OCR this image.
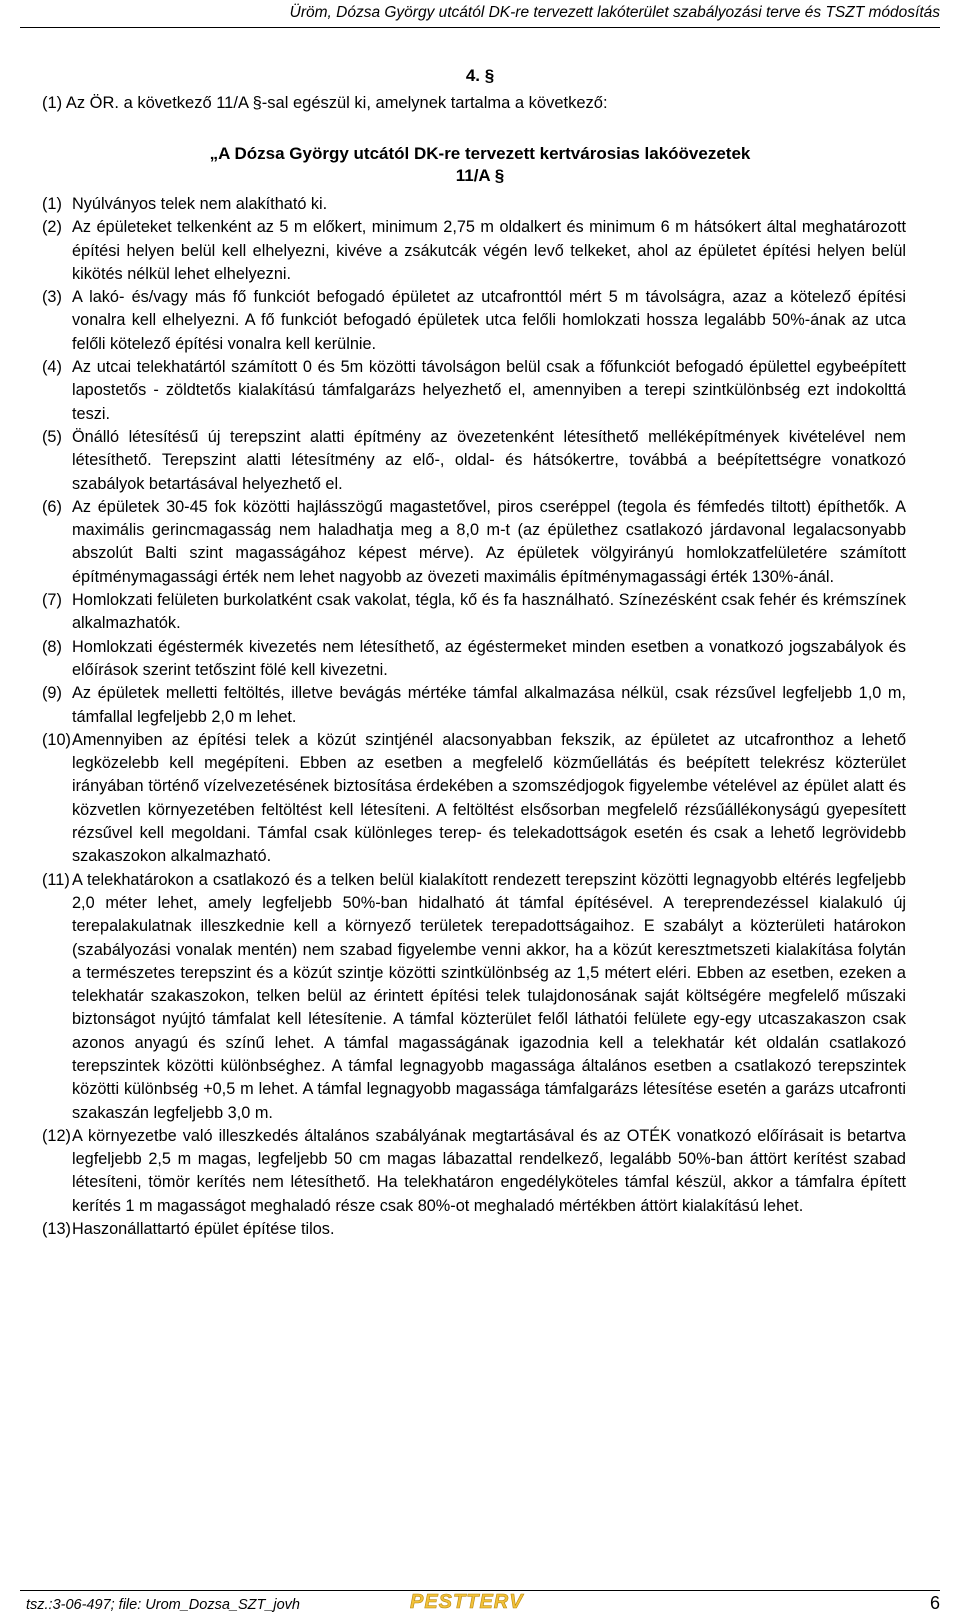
Üröm, Dózsa György utcától DK-re tervezett lakóterület szabályozási terve és TSZT módosítás
4. §
(1) Az ÖR. a következő 11/A §-sal egészül ki, amelynek tartalma a következő:
„A Dózsa György utcától DK-re tervezett kertvárosias lakóövezetek
11/A §
(1) Nyúlványos telek nem alakítható ki.
(2) Az épületeket telkenként az 5 m előkert, minimum 2,75 m oldalkert és minimum 6 m hátsókert által meghatározott építési helyen belül kell elhelyezni, kivéve a zsákutcák végén levő telkeket, ahol az épületet építési helyen belül kikötés nélkül lehet elhelyezni.
(3) A lakó- és/vagy más fő funkciót befogadó épületet az utcafronttól mért 5 m távolságra, azaz a kötelező építési vonalra kell elhelyezni. A fő funkciót befogadó épületek utca felőli homlokzati hossza legalább 50%-ának az utca felőli kötelező építési vonalra kell kerülnie.
(4) Az utcai telekhatártól számított 0 és 5m közötti távolságon belül csak a főfunkciót befogadó épülettel egybeépített lapostetős - zöldtetős kialakítású támfalgarázs helyezhető el, amennyiben a terepi szintkülönbség ezt indokolttá teszi.
(5) Önálló létesítésű új terepszint alatti építmény az övezetenként létesíthető melléképítmények kivételével nem létesíthető. Terepszint alatti létesítmény az elő-, oldal- és hátsókertre, továbbá a beépítettségre vonatkozó szabályok betartásával helyezhető el.
(6) Az épületek 30-45 fok közötti hajlásszögű magastetővel, piros cseréppel (tegola és fémfedés tiltott) építhetők. A maximális gerincmagasság nem haladhatja meg a 8,0 m-t (az épülethez csatlakozó járdavonal legalacsonyabb abszolút Balti szint magasságához képest mérve). Az épületek völgyirányú homlokzatfelületére számított építménymagassági érték nem lehet nagyobb az övezeti maximális építménymagassági érték 130%-ánál.
(7) Homlokzati felületen burkolatként csak vakolat, tégla, kő és fa használható. Színezésként csak fehér és krémszínek alkalmazhatók.
(8) Homlokzati égéstermék kivezetés nem létesíthető, az égéstermeket minden esetben a vonatkozó jogszabályok és előírások szerint tetőszint fölé kell kivezetni.
(9) Az épületek melletti feltöltés, illetve bevágás mértéke támfal alkalmazása nélkül, csak rézsűvel legfeljebb 1,0 m, támfallal legfeljebb 2,0 m lehet.
(10) Amennyiben az építési telek a közút szintjénél alacsonyabban fekszik, az épületet az utcafronthoz a lehető legközelebb kell megépíteni. Ebben az esetben a megfelelő közműellátás és beépített telekrész közterület irányában történő vízelvezetésének biztosítása érdekében a szomszédjogok figyelembe vételével az épület alatt és közvetlen környezetében feltöltést kell létesíteni. A feltöltést elsősorban megfelelő rézsűállékonyságú gyepesített rézsűvel kell megoldani. Támfal csak különleges terep- és telekadottságok esetén és csak a lehető legrövidebb szakaszokon alkalmazható.
(11) A telekhatárokon a csatlakozó és a telken belül kialakított rendezett terepszint közötti legnagyobb eltérés legfeljebb 2,0 méter lehet, amely legfeljebb 50%-ban hidalható át támfal építésével. A tereprendezéssel kialakuló új terepalakulatnak illeszkednie kell a környező területek terepadottságaihoz. E szabályt a közterületi határokon (szabályozási vonalak mentén) nem szabad figyelembe venni akkor, ha a közút keresztmetszeti kialakítása folytán a természetes terepszint és a közút szintje közötti szintkülönbség az 1,5 métert eléri. Ebben az esetben, ezeken a telekhatár szakaszokon, telken belül az érintett építési telek tulajdonosának saját költségére megfelelő műszaki biztonságot nyújtó támfalat kell létesítenie. A támfal közterület felől láthatói felülete egy-egy utcaszakaszon csak azonos anyagú és színű lehet. A támfal magasságának igazodnia kell a telekhatár két oldalán csatlakozó terepszintek közötti különbséghez. A támfal legnagyobb magassága általános esetben a csatlakozó terepszintek közötti különbség +0,5 m lehet. A támfal legnagyobb magassága támfalgarázs létesítése esetén a garázs utcafronti szakaszán legfeljebb 3,0 m.
(12) A környezetbe való illeszkedés általános szabályának megtartásával és az OTÉK vonatkozó előírásait is betartva legfeljebb 2,5 m magas, legfeljebb 50 cm magas lábazattal rendelkező, legalább 50%-ban áttört kerítést szabad létesíteni, tömör kerítés nem létesíthető. Ha telekhatáron engedélyköteles támfal készül, akkor a támfalra épített kerítés 1 m magasságot meghaladó része csak 80%-ot meghaladó mértékben áttört kialakítású lehet.
(13) Haszonállattartó épület építése tilos.
tsz.:3-06-497; file: Urom_Dozsa_SZT_jovh	PESTTERV	6
